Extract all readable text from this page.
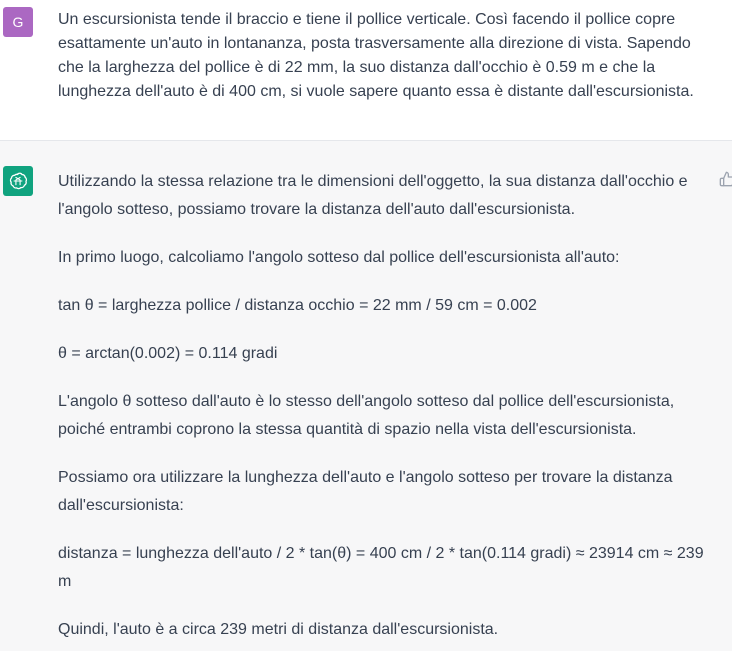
G	Un escursionista tende il braccio e tiene il pollice verticale. Così facendo il pollice copre esattamente un'auto in lontananza, posta trasversamente alla direzione di vista. Sapendo che la larghezza del pollice è di 22 mm, la suo distanza dall'occhio è 0.59 m e che la lunghezza dell'auto è di 400 cm, si vuole sapere quanto essa è distante dall'escursionista.

Utilizzando la stessa relazione tra le dimensioni dell'oggetto, la sua distanza dall'occhio e l'angolo sotteso, possiamo trovare la distanza dell'auto dall'escursionista.

In primo luogo, calcoliamo l'angolo sotteso dal pollice dell'escursionista all'auto:

tan θ = larghezza pollice / distanza occhio = 22 mm / 59 cm = 0.002

θ = arctan(0.002) = 0.114 gradi

L'angolo θ sotteso dall'auto è lo stesso dell'angolo sotteso dal pollice dell'escursionista, poiché entrambi coprono la stessa quantità di spazio nella vista dell'escursionista.

Possiamo ora utilizzare la lunghezza dell'auto e l'angolo sotteso per trovare la distanza dall'escursionista:

distanza = lunghezza dell'auto / 2 * tan(θ) = 400 cm / 2 * tan(0.114 gradi) ≈ 23914 cm ≈ 239 m

Quindi, l'auto è a circa 239 metri di distanza dall'escursionista.
